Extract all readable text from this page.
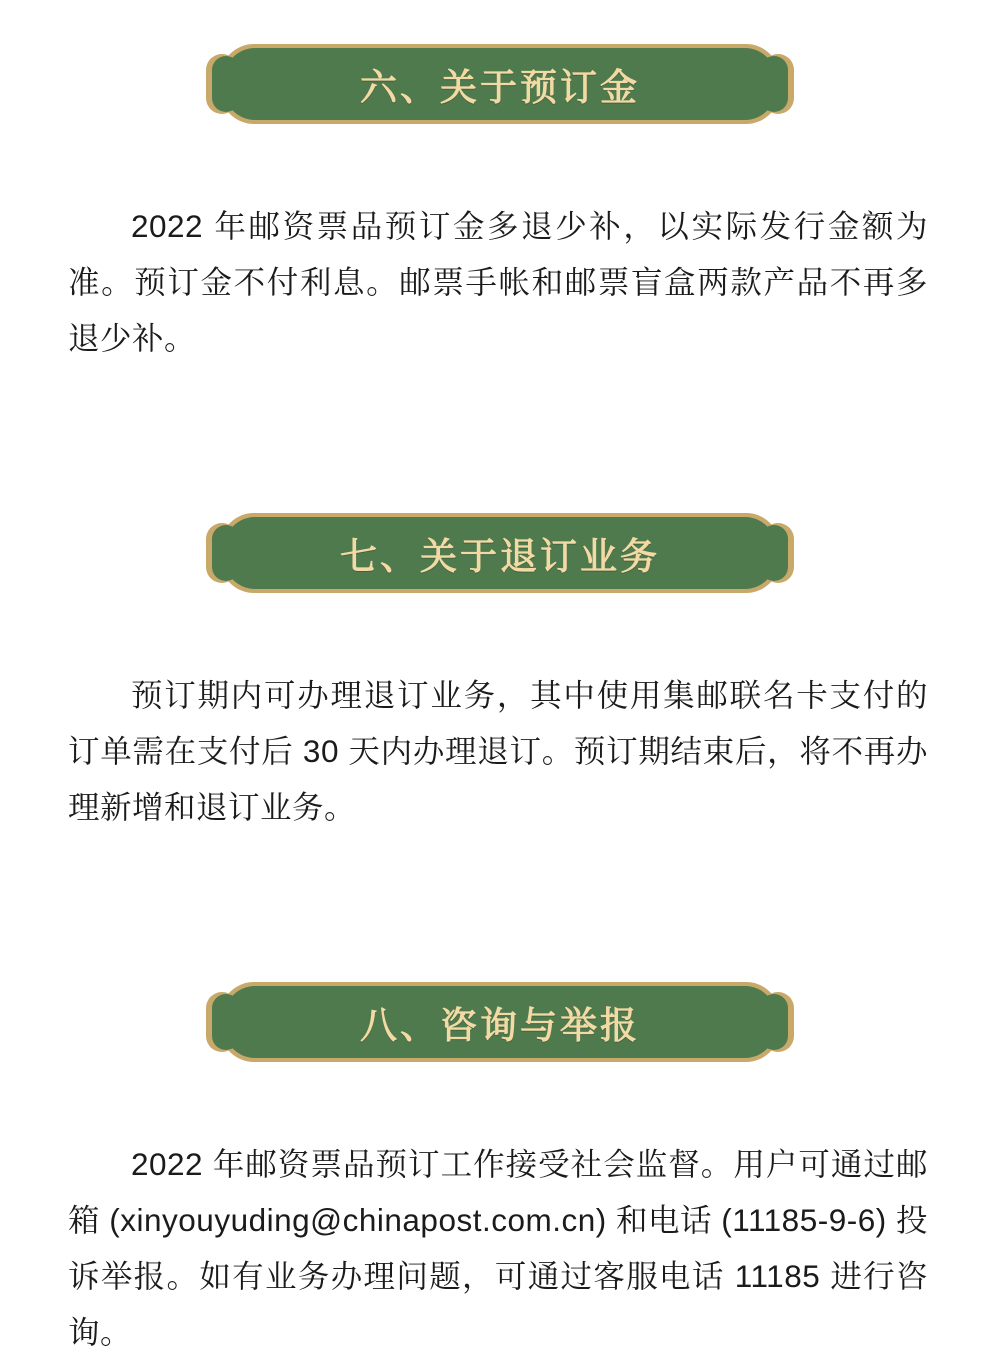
六、关于预订金

2022 年邮资票品预订金多退少补，以实际发行金额为准。预订金不付利息。邮票手帐和邮票盲盒两款产品不再多退少补。

七、关于退订业务

预订期内可办理退订业务，其中使用集邮联名卡支付的订单需在支付后 30 天内办理退订。预订期结束后，将不再办理新增和退订业务。

八、咨询与举报

2022 年邮资票品预订工作接受社会监督。用户可通过邮箱 (xinyouyuding@chinapost.com.cn) 和电话 (11185-9-6) 投诉举报。如有业务办理问题，可通过客服电话 11185 进行咨询。
